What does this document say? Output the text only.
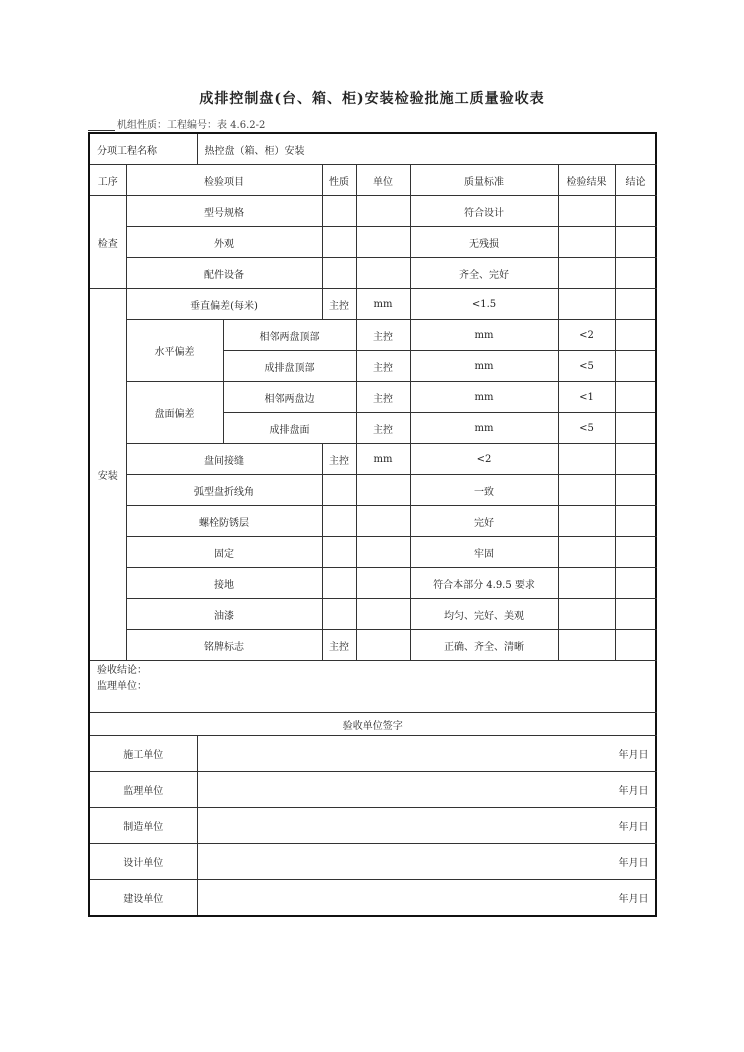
成排控制盘(台、箱、柜)安装检验批施工质量验收表
机组性质：工程编号：表 4.6.2-2
分项工程名称		热控盘（箱、柜）安装							
工序	检验项目			性质	单位	质量标准	检验结果	结论	
检查	型号规格					符合设计			
	外观					无残损			
	配件设备					齐全、完好			
安装	垂直偏差(每米)			主控	mm	<1.5			
	水平偏差		相邻两盘顶部		主控	mm	<2		
			成排盘顶部		主控	mm	<5		
	盘面偏差		相邻两盘边		主控	mm	<1		
			成排盘面		主控	mm	<5		
	盘间接缝			主控	mm	<2			
	弧型盘折线角					一致			
	螺栓防锈层					完好			
	固定					牢固			
	接地					符合本部分 4.9.5 要求			
	油漆					均匀、完好、美观			
	铭牌标志			主控		正确、齐全、清晰			

验收结论：
监理单位：									

验收单位签字									
施工单位		年月日							
监理单位		年月日							
制造单位		年月日							
设计单位		年月日							
建设单位		年月日							
